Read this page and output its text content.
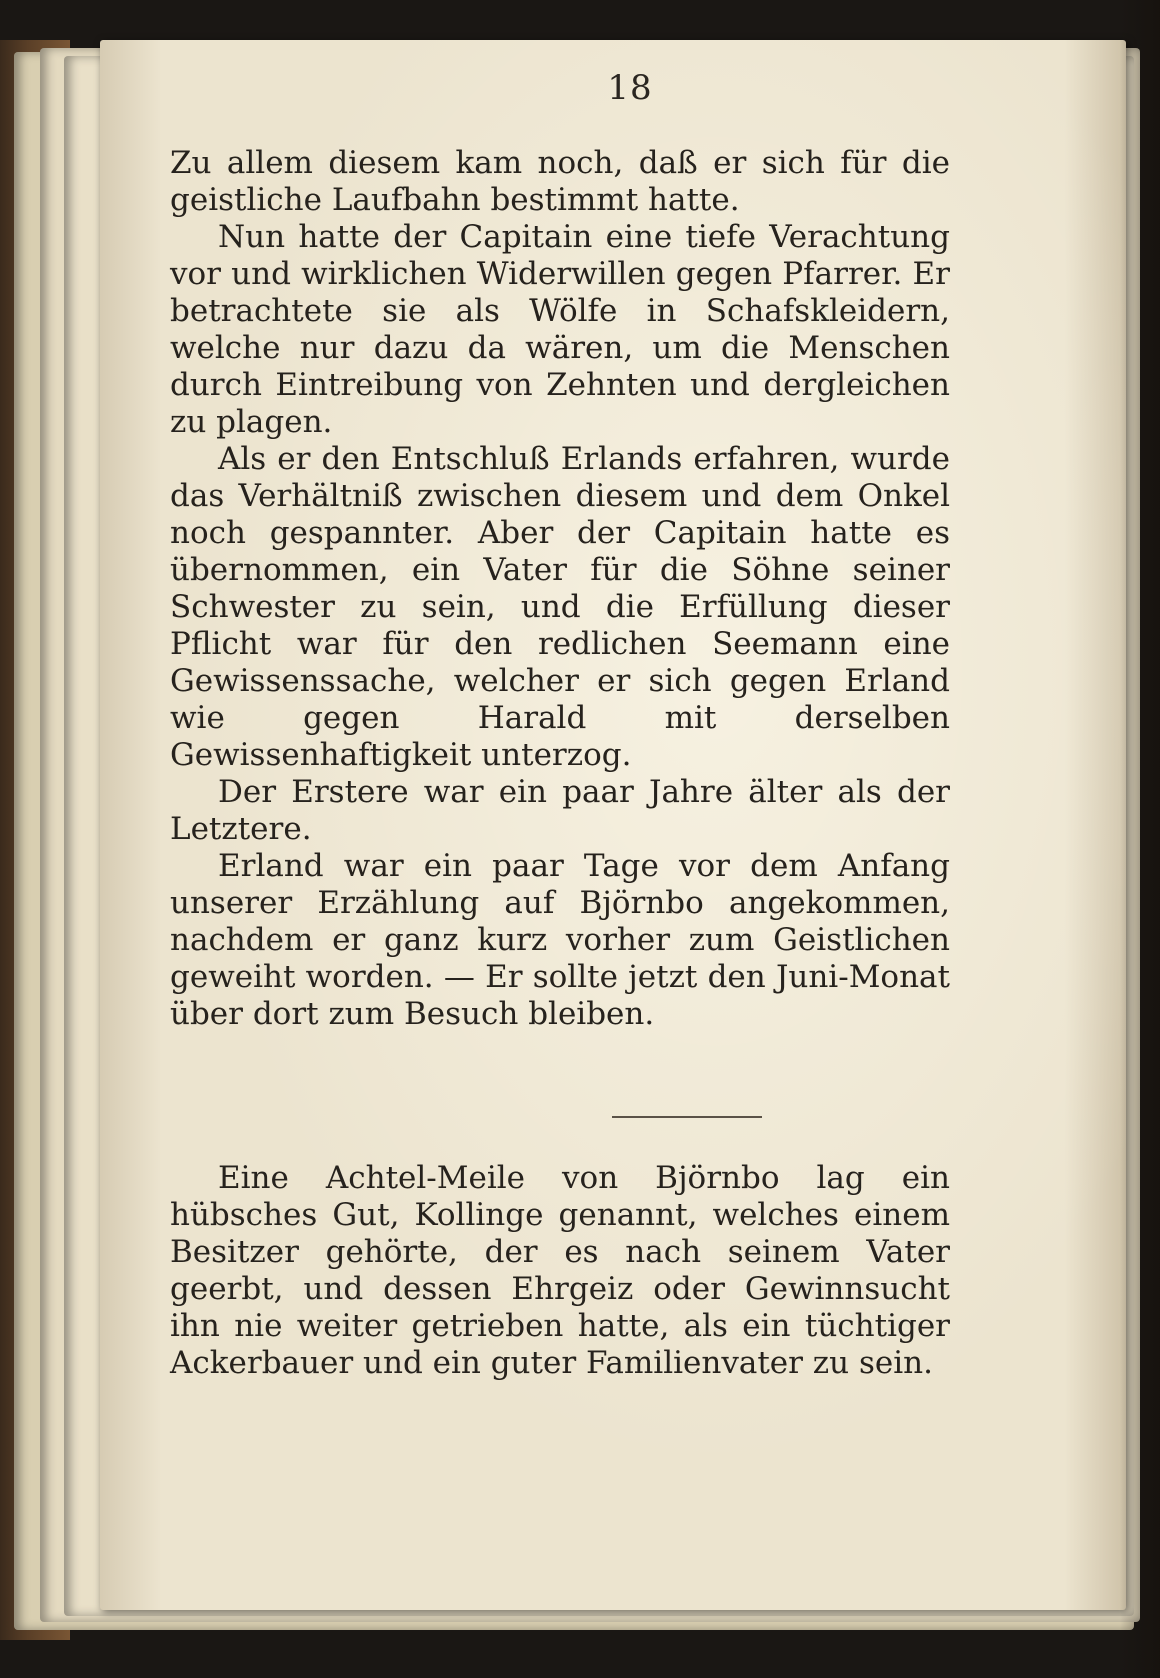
18

Zu allem diesem kam noch, daß er sich für die geistliche Laufbahn bestimmt hatte.

Nun hatte der Capitain eine tiefe Verachtung vor und wirklichen Widerwillen gegen Pfarrer. Er betrachtete sie als Wölfe in Schafskleidern, welche nur dazu da wären, um die Menschen durch Eintreibung von Zehnten und dergleichen zu plagen.

Als er den Entschluß Erlands erfahren, wurde das Verhältniß zwischen diesem und dem Onkel noch gespannter. Aber der Capitain hatte es übernommen, ein Vater für die Söhne seiner Schwester zu sein, und die Erfüllung dieser Pflicht war für den redlichen Seemann eine Gewissenssache, welcher er sich gegen Erland wie gegen Harald mit derselben Gewissenhaftigkeit unterzog.

Der Erstere war ein paar Jahre älter als der Letztere.

Erland war ein paar Tage vor dem Anfang unserer Erzählung auf Björnbo angekommen, nachdem er ganz kurz vorher zum Geistlichen geweiht worden. — Er sollte jetzt den Juni-Monat über dort zum Besuch bleiben.

Eine Achtel-Meile von Björnbo lag ein hübsches Gut, Kollinge genannt, welches einem Besitzer gehörte, der es nach seinem Vater geerbt, und dessen Ehrgeiz oder Gewinnsucht ihn nie weiter getrieben hatte, als ein tüchtiger Ackerbauer und ein guter Familienvater zu sein.
